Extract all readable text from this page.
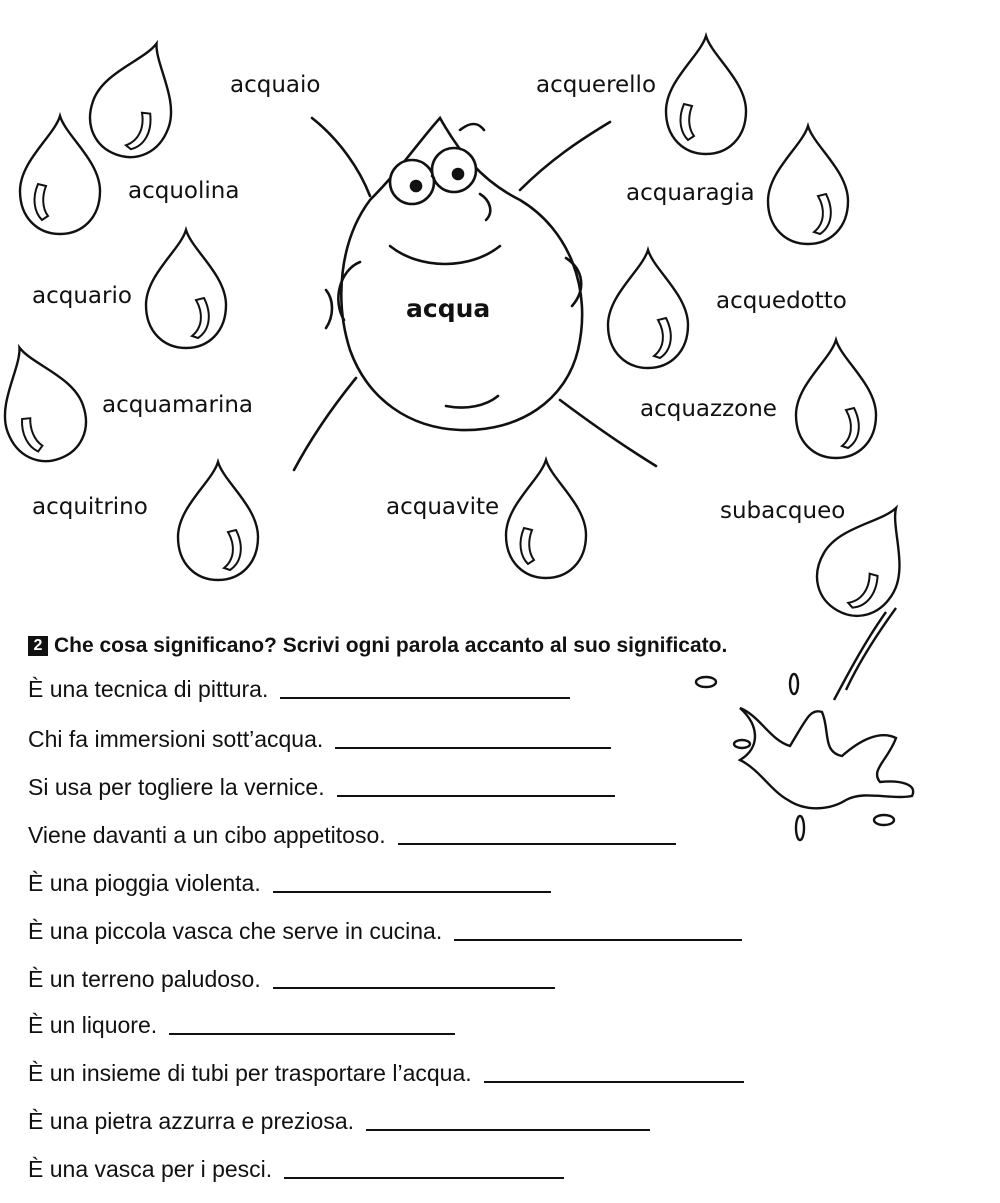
acquaio	acquerello
acquolina	acquaragia
acquario	acquedotto
acquamarina	acquazzone
acquitrino	acquavite	subacqueo
acqua
2 Che cosa significano? Scrivi ogni parola accanto al suo significato.
È una tecnica di pittura.
Chi fa immersioni sott’acqua.
Si usa per togliere la vernice.
Viene davanti a un cibo appetitoso.
È una pioggia violenta.
È una piccola vasca che serve in cucina.
È un terreno paludoso.
È un liquore.
È un insieme di tubi per trasportare l’acqua.
È una pietra azzurra e preziosa.
È una vasca per i pesci.
